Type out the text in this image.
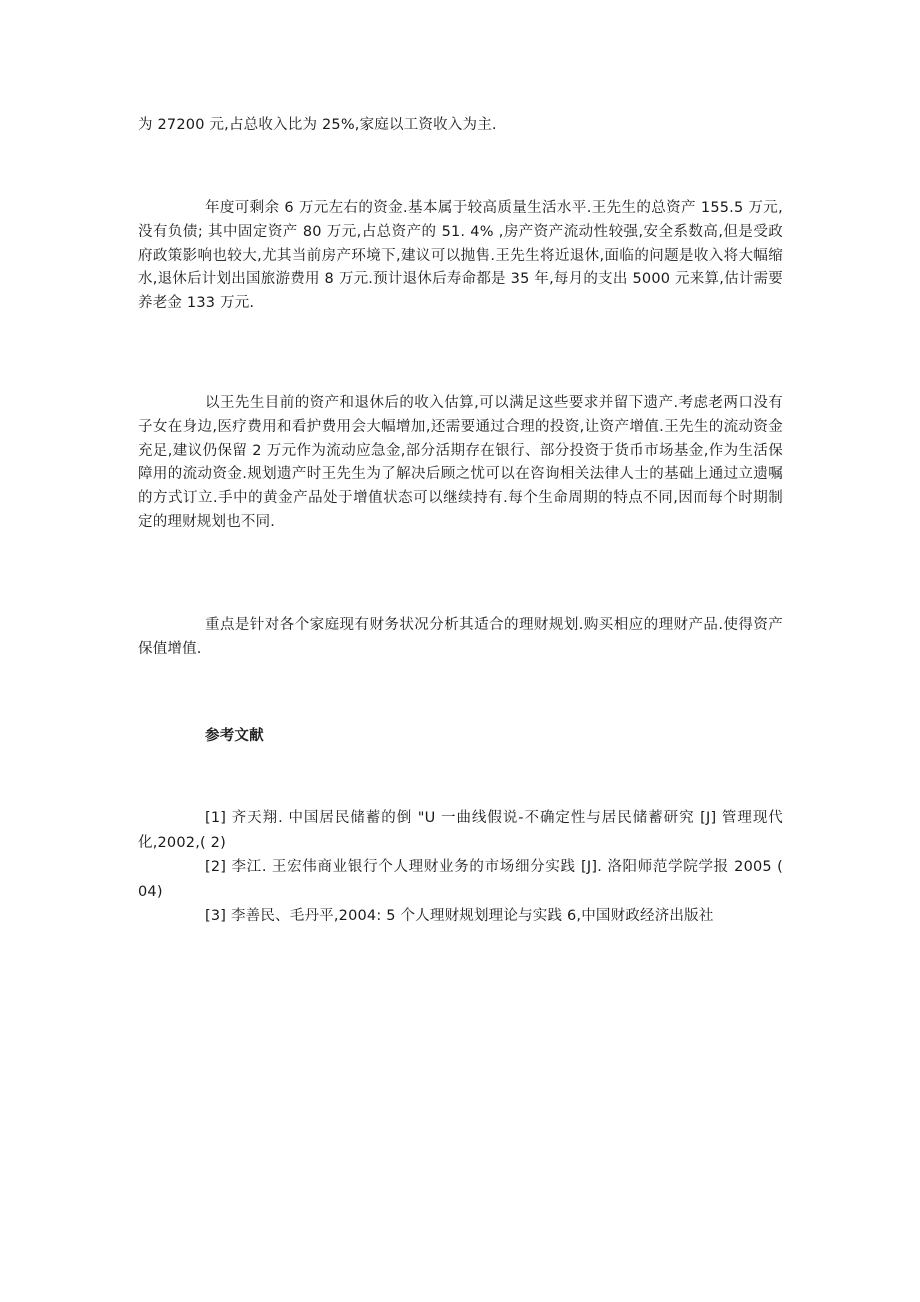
为 27200 元,占总收入比为 25%,家庭以工资收入为主.

年度可剩余 6 万元左右的资金.基本属于较高质量生活水平.王先生的总资产 155.5 万元,没有负债; 其中固定资产 80 万元,占总资产的 51. 4% ,房产资产流动性较强,安全系数高,但是受政府政策影响也较大,尤其当前房产环境下,建议可以抛售.王先生将近退休,面临的问题是收入将大幅缩水,退休后计划出国旅游费用 8 万元.预计退休后寿命都是 35 年,每月的支出 5000 元来算,估计需要养老金 133 万元.

以王先生目前的资产和退休后的收入估算,可以满足这些要求并留下遗产.考虑老两口没有子女在身边,医疗费用和看护费用会大幅增加,还需要通过合理的投资,让资产增值.王先生的流动资金充足,建议仍保留 2 万元作为流动应急金,部分活期存在银行、部分投资于货币市场基金,作为生活保障用的流动资金.规划遗产时王先生为了解决后顾之忧可以在咨询相关法律人士的基础上通过立遗嘱的方式订立.手中的黄金产品处于增值状态可以继续持有.每个生命周期的特点不同,因而每个时期制定的理财规划也不同.

重点是针对各个家庭现有财务状况分析其适合的理财规划.购买相应的理财产品.使得资产保值增值.

参考文献
[1] 齐天翔. 中国居民储蓄的倒 "U 一曲线假说-不确定性与居民储蓄研究 [J] 管理现代化,2002,( 2)
[2] 李江. 王宏伟商业银行个人理财业务的市场细分实践 [J]. 洛阳师范学院学报 2005 ( 04)
[3] 李善民、毛丹平,2004: 5 个人理财规划理论与实践 6,中国财政经济出版社
